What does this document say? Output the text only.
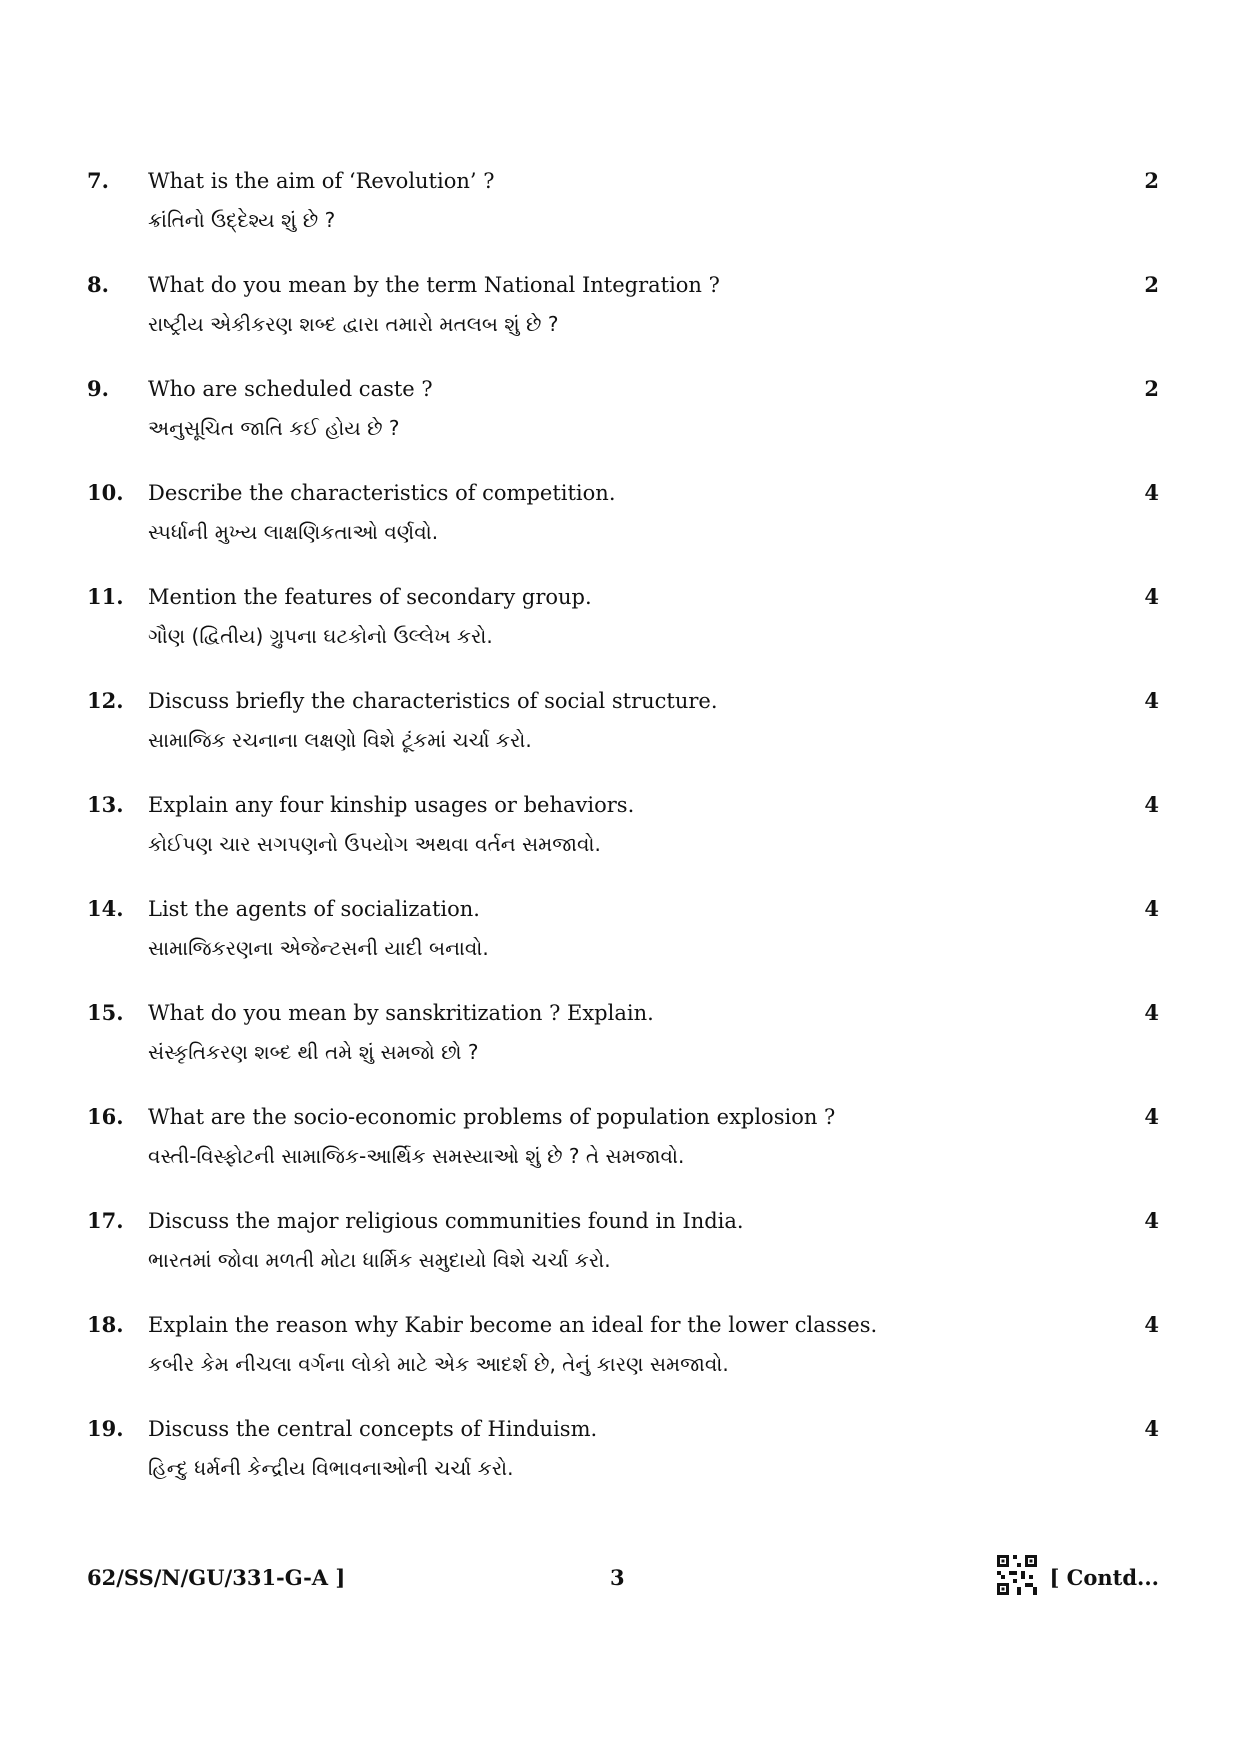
7. What is the aim of ‘Revolution’ ?
ક્રાંતિનો ઉદ્દેશ્ય શું છે ?
2
8. What do you mean by the term National Integration ?
રાષ્ટ્રીય એકીકરણ શબ્દ દ્વારા તમારો મતલબ શું છે ?
2
9. Who are scheduled caste ?
અનુસૂચિત જાતિ કઈ હોય છે ?
2
10. Describe the characteristics of competition.
સ્પર્ધાની મુખ્ય લાક્ષણિકતાઓ વર્ણવો.
4
11. Mention the features of secondary group.
ગૌણ (દ્વિતીય) ગ્રુપના ઘટકોનો ઉલ્લેખ કરો.
4
12. Discuss briefly the characteristics of social structure.
સામાજિક રચનાના લક્ષણો વિશે ટૂંકમાં ચર્ચા કરો.
4
13. Explain any four kinship usages or behaviors.
કોઈપણ ચાર સગપણનો ઉપયોગ અથવા વર્તન સમજાવો.
4
14. List the agents of socialization.
સામાજિકરણના એજેન્ટસની યાદી બનાવો.
4
15. What do you mean by sanskritization ? Explain.
સંસ્કૃતિકરણ શબ્દ થી તમે શું સમજો છો ?
4
16. What are the socio-economic problems of population explosion ?
વસ્તી-વિસ્ફોટની સામાજિક-આર્થિક સમસ્યાઓ શું છે ? તે સમજાવો.
4
17. Discuss the major religious communities found in India.
ભારતમાં જોવા મળતી મોટા ધાર્મિક સમુદાયો વિશે ચર્ચા કરો.
4
18. Explain the reason why Kabir become an ideal for the lower classes.
કબીર કેમ નીચલા વર્ગના લોકો માટે એક આદર્શ છે, તેનું કારણ સમજાવો.
4
19. Discuss the central concepts of Hinduism.
હિન્દુ ધર્મની કેન્દ્રીય વિભાવનાઓની ચર્ચા કરો.
4
62/SS/N/GU/331-G-A ]	3	[ Contd...
